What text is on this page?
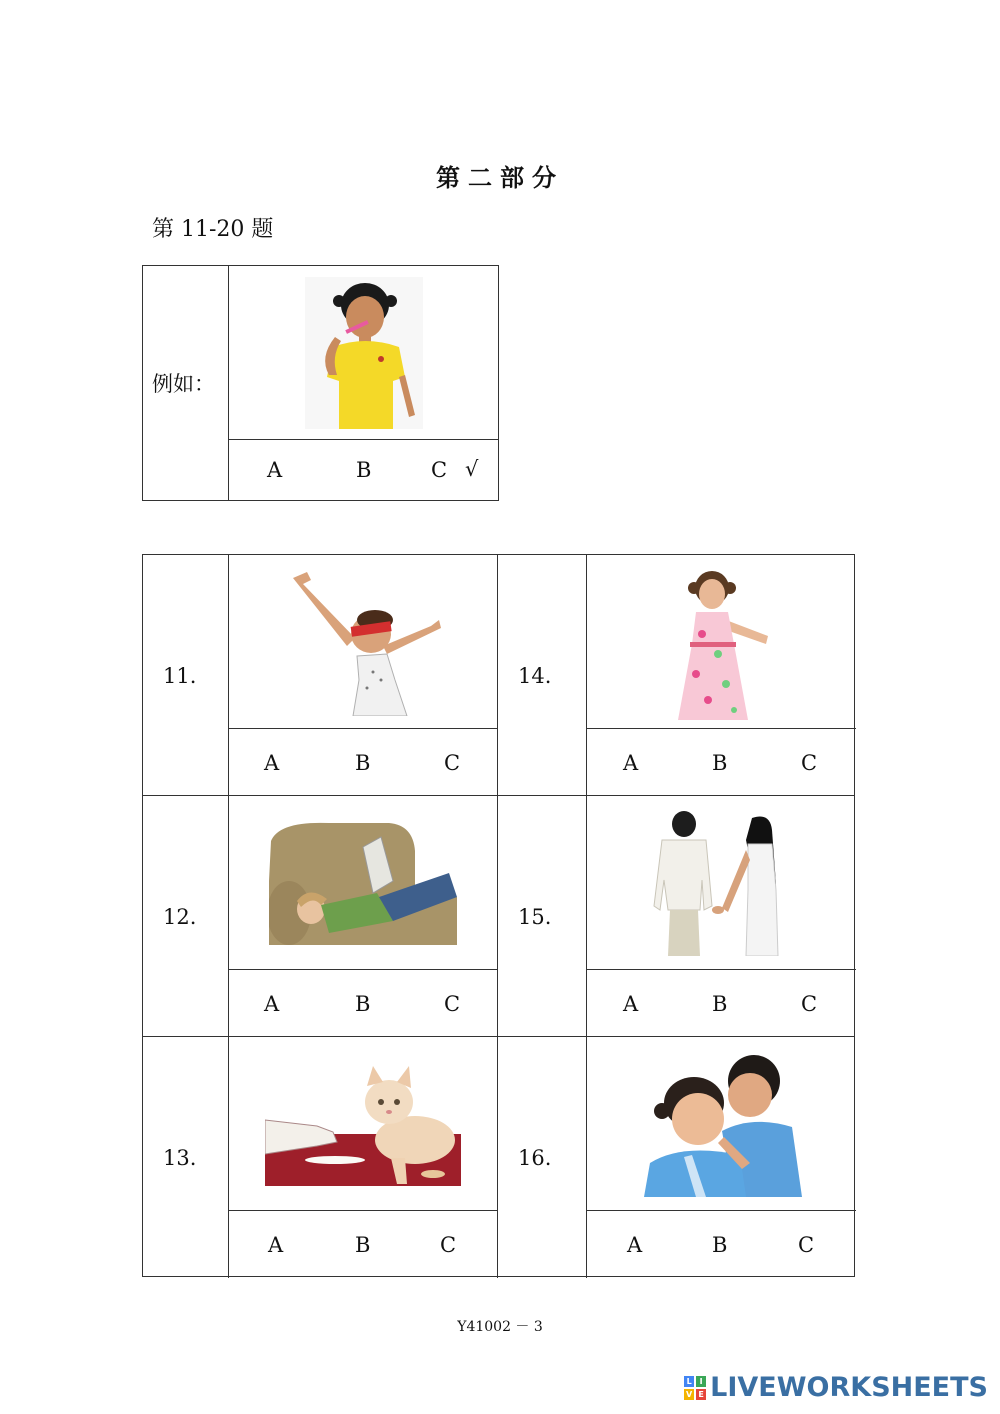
第二部分
第 11-20 题
例如：
A	B	C √
11.
A	B	C
14.
A	B	C
12.
A	B	C
15.
A	B	C
13.
A	B	C
16.
A	B	C
Y41002 － 3
L I
V E LIVEWORKSHEETS
